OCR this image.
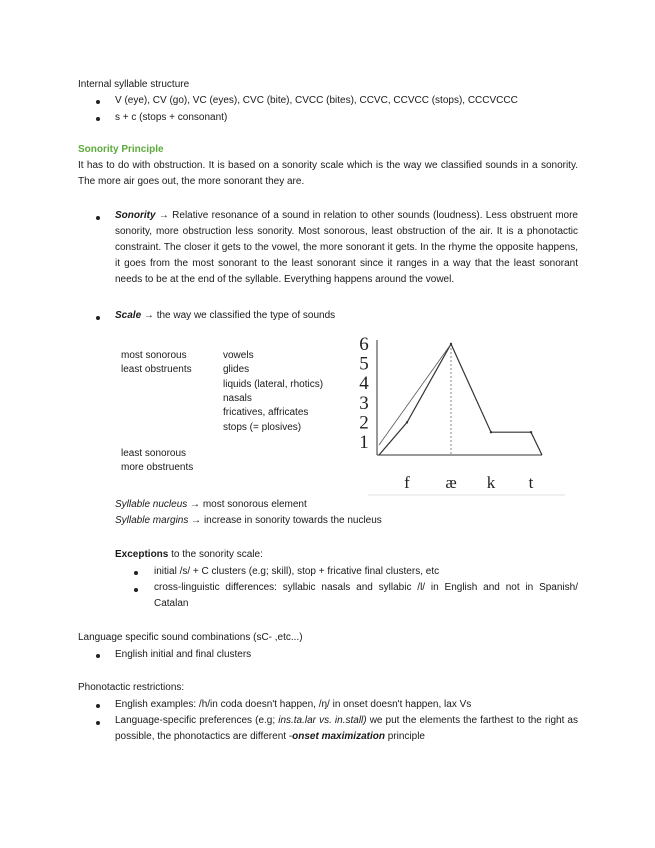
Internal syllable structure
V (eye), CV (go), VC (eyes), CVC (bite), CVCC (bites), CCVC, CCVCC (stops), CCCVCCC
s + c (stops + consonant)
Sonority Principle
It has to do with obstruction. It is based on a sonority scale which is the way we classified sounds in a sonority. The more air goes out, the more sonorant they are.
Sonority → Relative resonance of a sound in relation to other sounds (loudness). Less obstruent more sonority, more obstruction less sonority. Most sonorous, least obstruction of the air. It is a phonotactic constraint. The closer it gets to the vowel, the more sonorant it gets. In the rhyme the opposite happens, it goes from the most sonorant to the least sonorant since it ranges in a way that the least sonorant needs to be at the end of the syllable. Everything happens around the vowel.
Scale → the way we classified the type of sounds
most sonorous
least obstruents
vowels
glides
liquids (lateral, rhotics)
nasals
fricatives, affricates
stops (= plosives)
least sonorous
more obstruents
1
2
3
4
5
6
f æ k t
Syllable nucleus → most sonorous element
Syllable margins → increase in sonority towards the nucleus
Exceptions to the sonority scale:
initial /s/ + C clusters (e.g; skill), stop + fricative final clusters, etc
cross-linguistic differences: syllabic nasals and syllabic /l/ in English and not in Spanish/ Catalan
Language specific sound combinations (sC- ,etc...)
English initial and final clusters
Phonotactic restrictions:
English examples: /h/in coda doesn't happen, /ŋ/ in onset doesn't happen, lax Vs
Language-specific preferences (e.g; ins.ta.lar vs. in.stall) we put the elements the farthest to the right as possible, the phonotactics are different -onset maximization principle
